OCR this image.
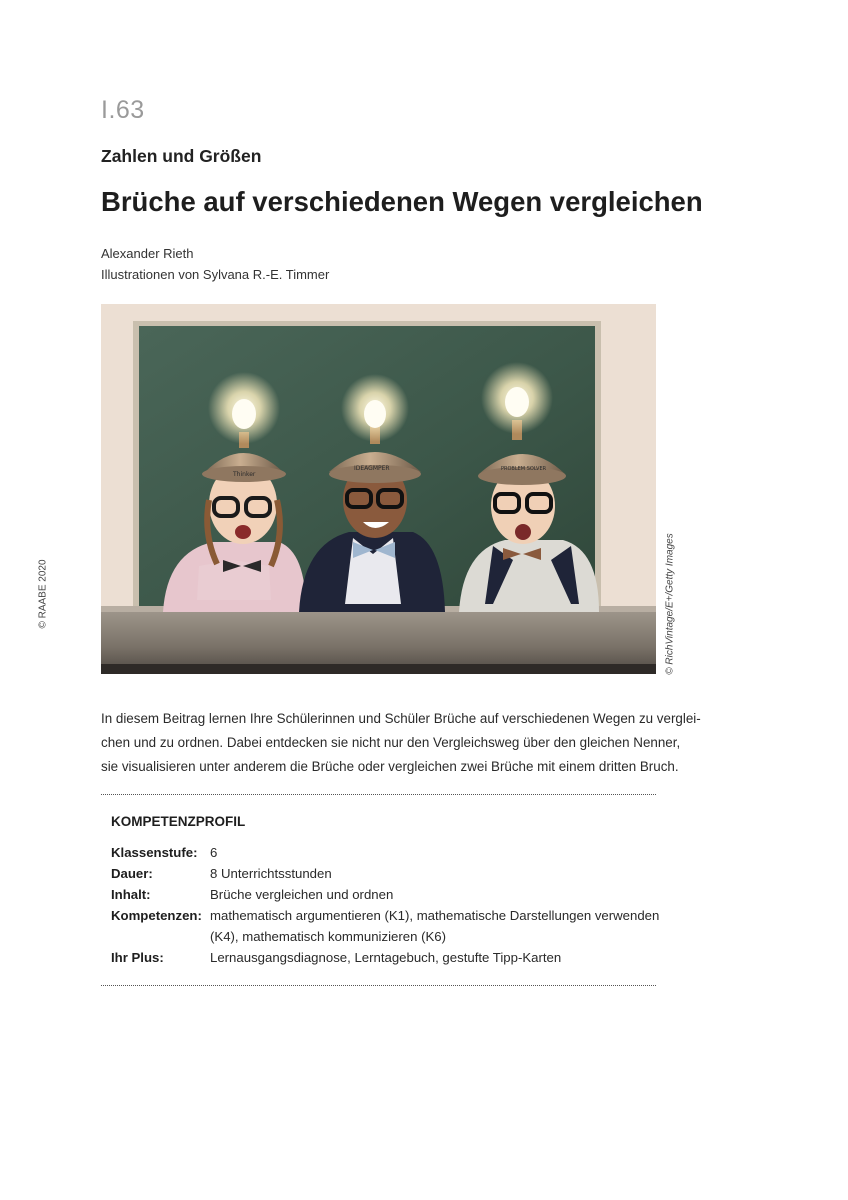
I.63
Zahlen und Größen
Brüche auf verschiedenen Wegen vergleichen
Alexander Rieth
Illustrationen von Sylvana R.-E. Timmer
© RAABE 2020
Thinker
IDEAGMPER	PROBLEM SOLVER
© RichVintage/E+/Getty Images
In diesem Beitrag lernen Ihre Schülerinnen und Schüler Brüche auf verschiedenen Wegen zu verglei-
chen und zu ordnen. Dabei entdecken sie nicht nur den Vergleichsweg über den gleichen Nenner,
sie visualisieren unter anderem die Brüche oder vergleichen zwei Brüche mit einem dritten Bruch.
KOMPETENZPROFIL
Klassenstufe: 6
Dauer:	8 Unterrichtsstunden
Inhalt:	Brüche vergleichen und ordnen
Kompetenzen: mathematisch argumentieren (K1), mathematische Darstellungen verwenden
(K4), mathematisch kommunizieren (K6)
Ihr Plus:	Lernausgangsdiagnose, Lerntagebuch, gestufte Tipp-Karten
